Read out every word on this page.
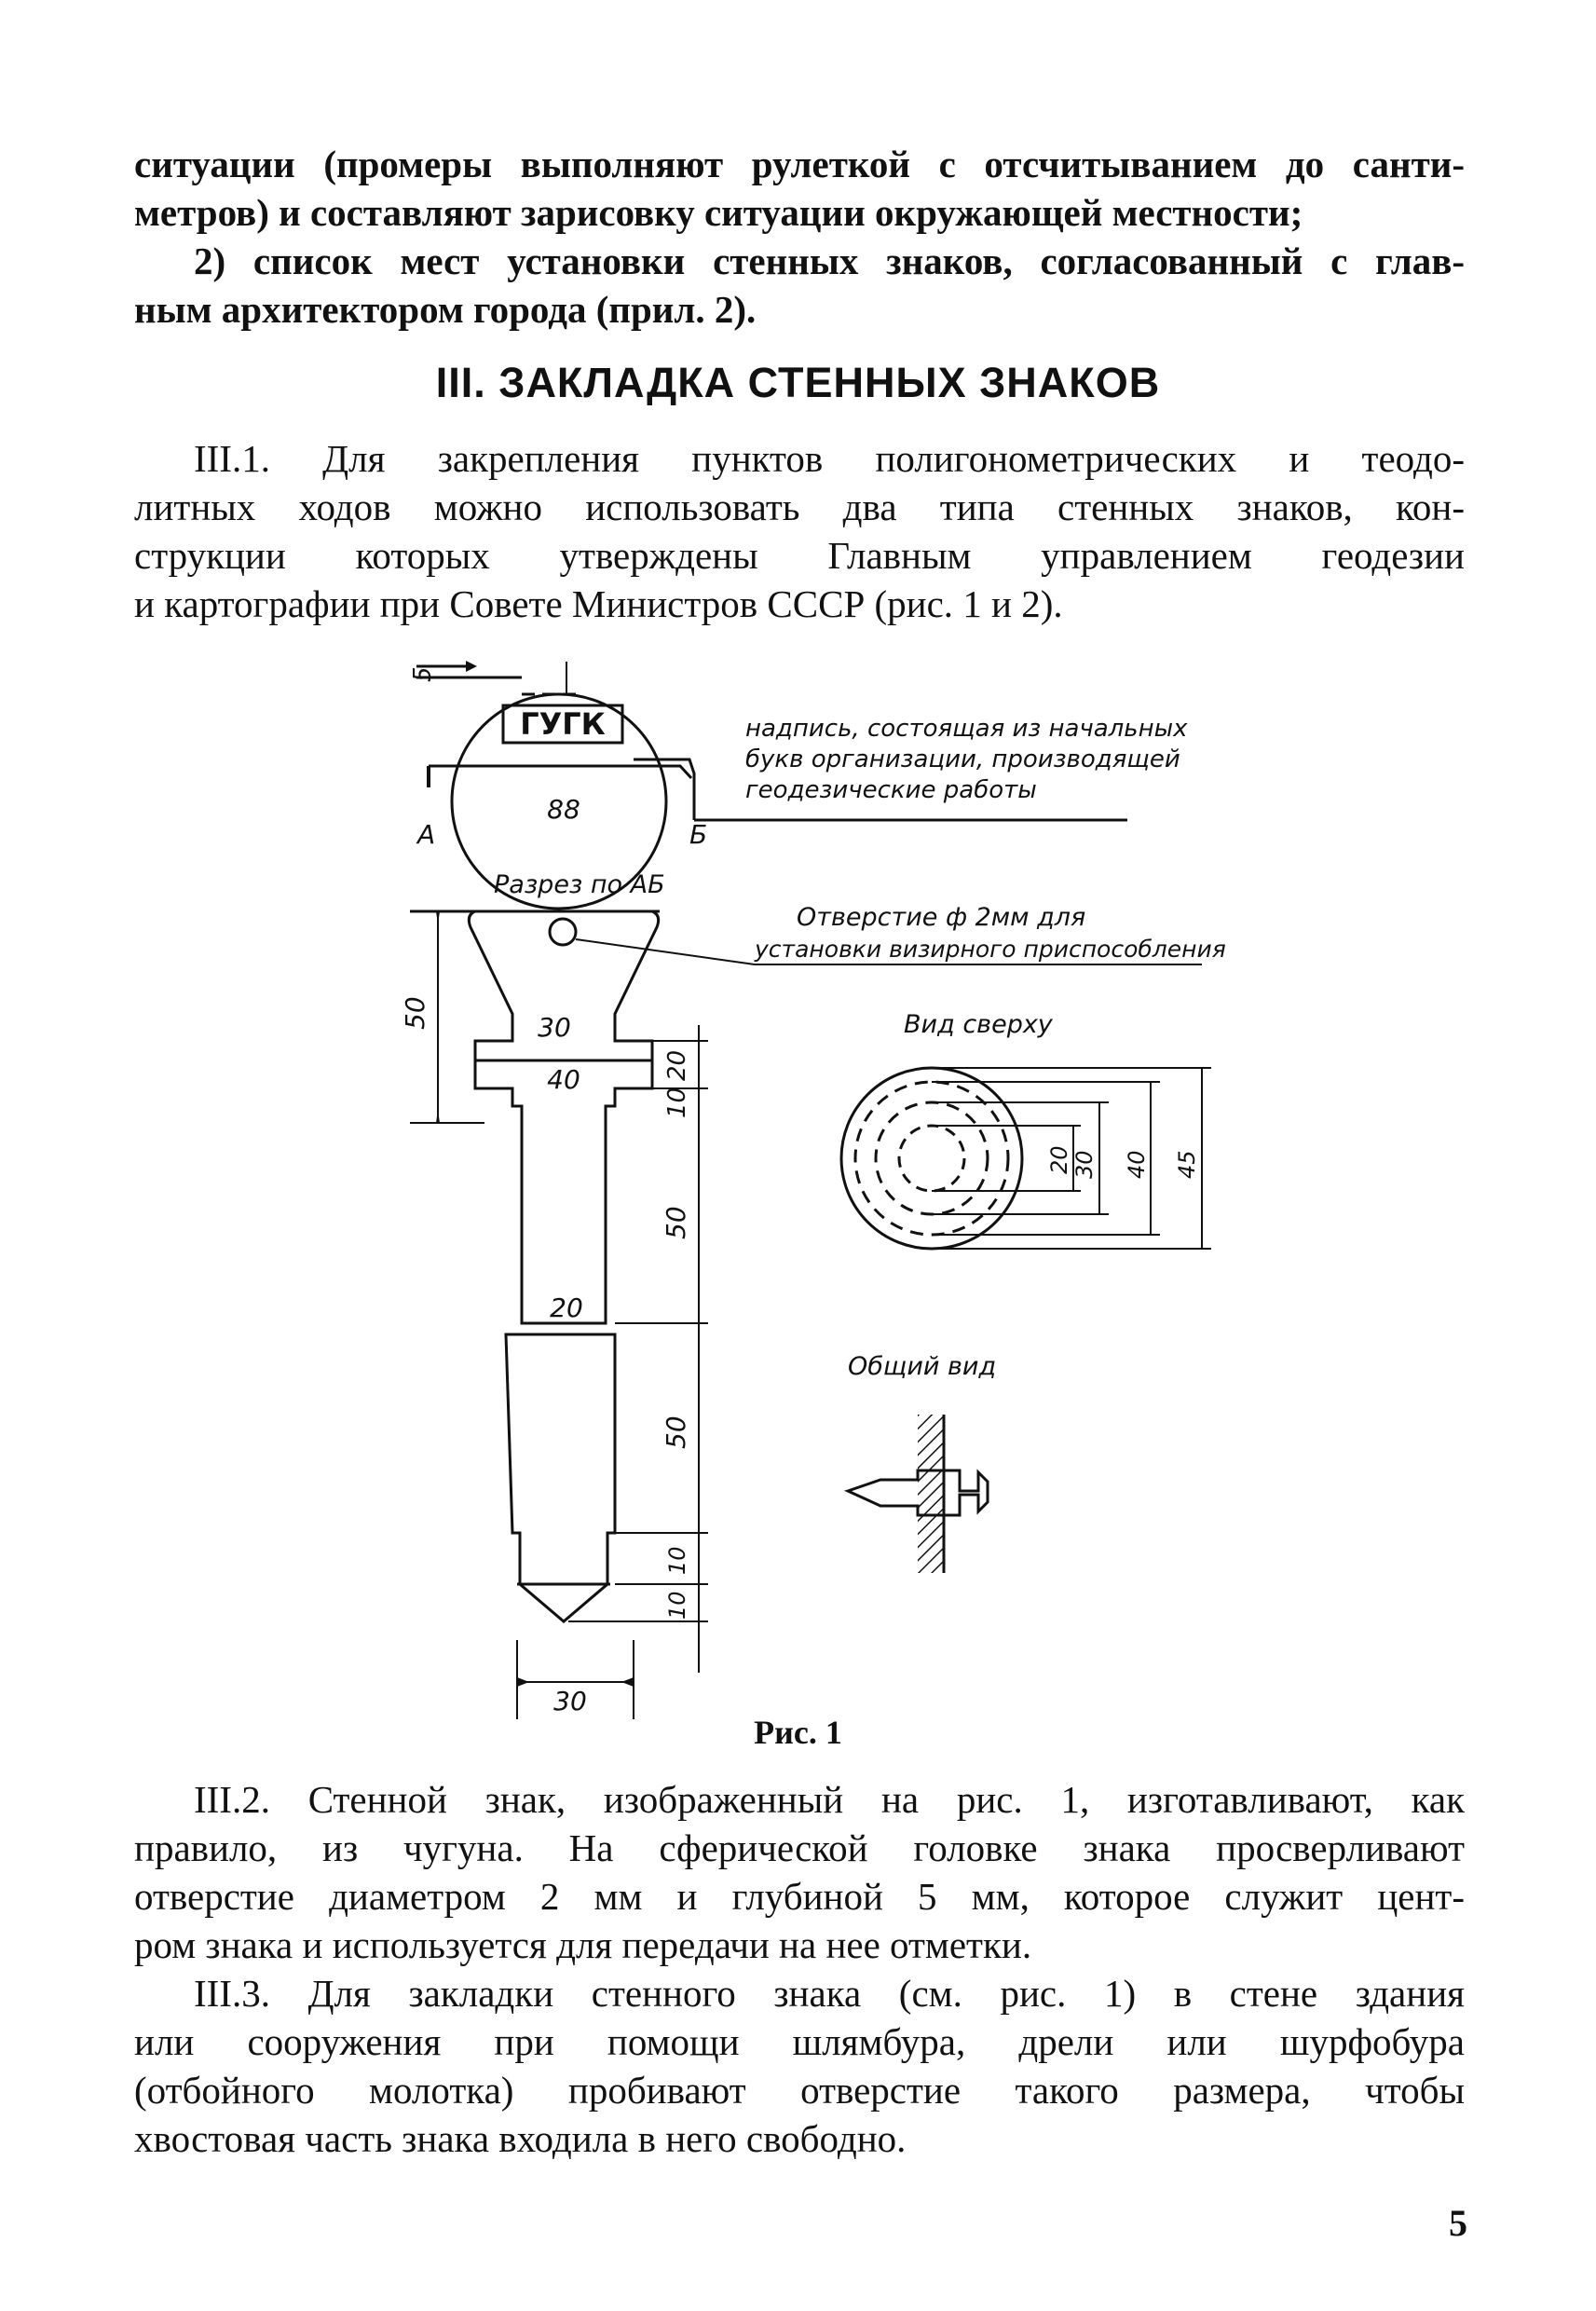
ситуации (промеры выполняют рулеткой с отсчитыванием до санти-
метров) и составляют зарисовку ситуации окружающей местности;
2) список мест установки стенных знаков, согласованный с глав-
ным архитектором города (прил. 2).
III. ЗАКЛАДКА СТЕННЫХ ЗНАКОВ
III.1. Для закрепления пунктов полигонометрических и теодо-
литных ходов можно использовать два типа стенных знаков, кон-
струкции которых утверждены Главным управлением геодезии
и картографии при Совете Министров СССР (рис. 1 и 2).
ГУГК
88
А	Б
надпись, состоящая из начальных
букв организации, производящей
геодезические работы
Разрез по АБ
Отверстие ф 2мм для
установки визирного приспособления
Вид сверху
Общий вид
30
40
20
30
5
50
20
10
50
50
10
10
20 30 40 45
Рис. 1
III.2. Стенной знак, изображенный на рис. 1, изготавливают, как
правило, из чугуна. На сферической головке знака просверливают
отверстие диаметром 2 мм и глубиной 5 мм, которое служит цент-
ром знака и используется для передачи на нее отметки.
III.3. Для закладки стенного знака (см. рис. 1) в стене здания
или сооружения при помощи шлямбура, дрели или шурфобура
(отбойного молотка) пробивают отверстие такого размера, чтобы
хвостовая часть знака входила в него свободно.
5
